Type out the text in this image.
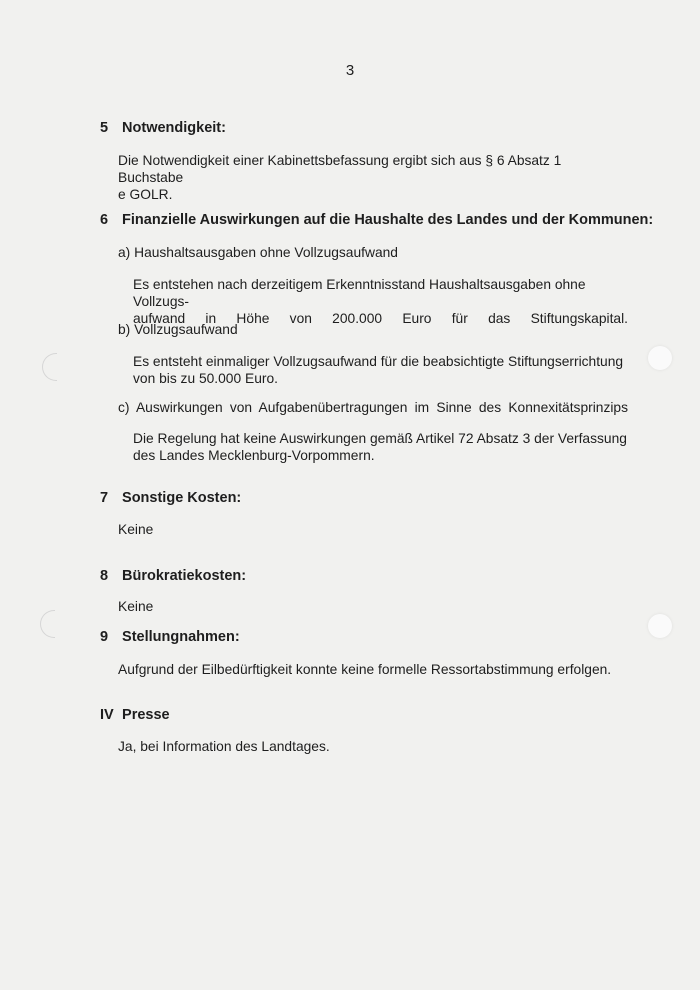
3
5 Notwendigkeit:
Die Notwendigkeit einer Kabinettsbefassung ergibt sich aus § 6 Absatz 1 Buchstabe
e GOLR.
6 Finanzielle Auswirkungen auf die Haushalte des Landes und der Kommunen:
a) Haushaltsausgaben ohne Vollzugsaufwand
Es entstehen nach derzeitigem Erkenntnisstand Haushaltsausgaben ohne Vollzugs-
aufwand in Höhe von 200.000 Euro für das Stiftungskapital.
b) Vollzugsaufwand
Es entsteht einmaliger Vollzugsaufwand für die beabsichtigte Stiftungserrichtung
von bis zu 50.000 Euro.
c) Auswirkungen von Aufgabenübertragungen im Sinne des Konnexitätsprinzips
Die Regelung hat keine Auswirkungen gemäß Artikel 72 Absatz 3 der Verfassung
des Landes Mecklenburg-Vorpommern.
7 Sonstige Kosten:
Keine
8 Bürokratiekosten:
Keine
9 Stellungnahmen:
Aufgrund der Eilbedürftigkeit konnte keine formelle Ressortabstimmung erfolgen.
IV Presse
Ja, bei Information des Landtages.
